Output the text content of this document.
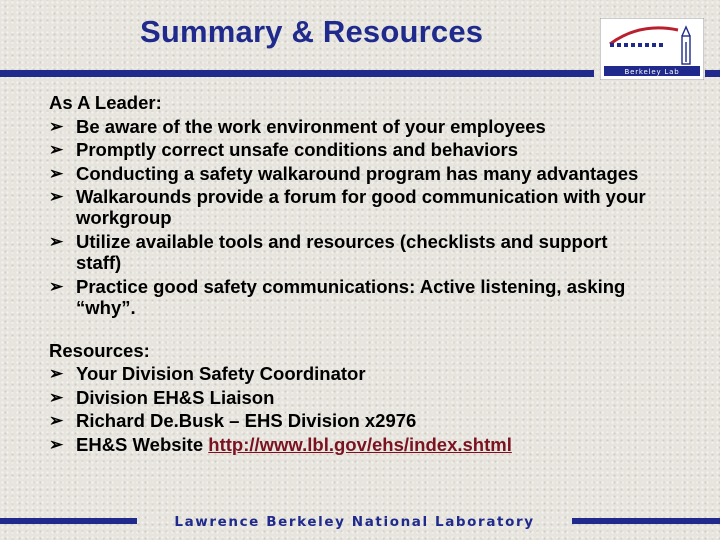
Summary & Resources
Berkeley Lab
As A Leader:
➢ Be aware of the work environment of your employees
➢ Promptly correct unsafe conditions and behaviors
➢ Conducting a safety walkaround program has many advantages
➢ Walkarounds provide a forum for good communication with your workgroup
➢ Utilize available tools and resources (checklists and support staff)
➢ Practice good safety communications: Active listening, asking “why”.
Resources:
➢ Your Division Safety Coordinator
➢ Division EH&S Liaison
➢ Richard De.Busk – EHS Division x2976
➢ EH&S Website http://www.lbl.gov/ehs/index.shtml
Lawrence Berkeley National Laboratory
